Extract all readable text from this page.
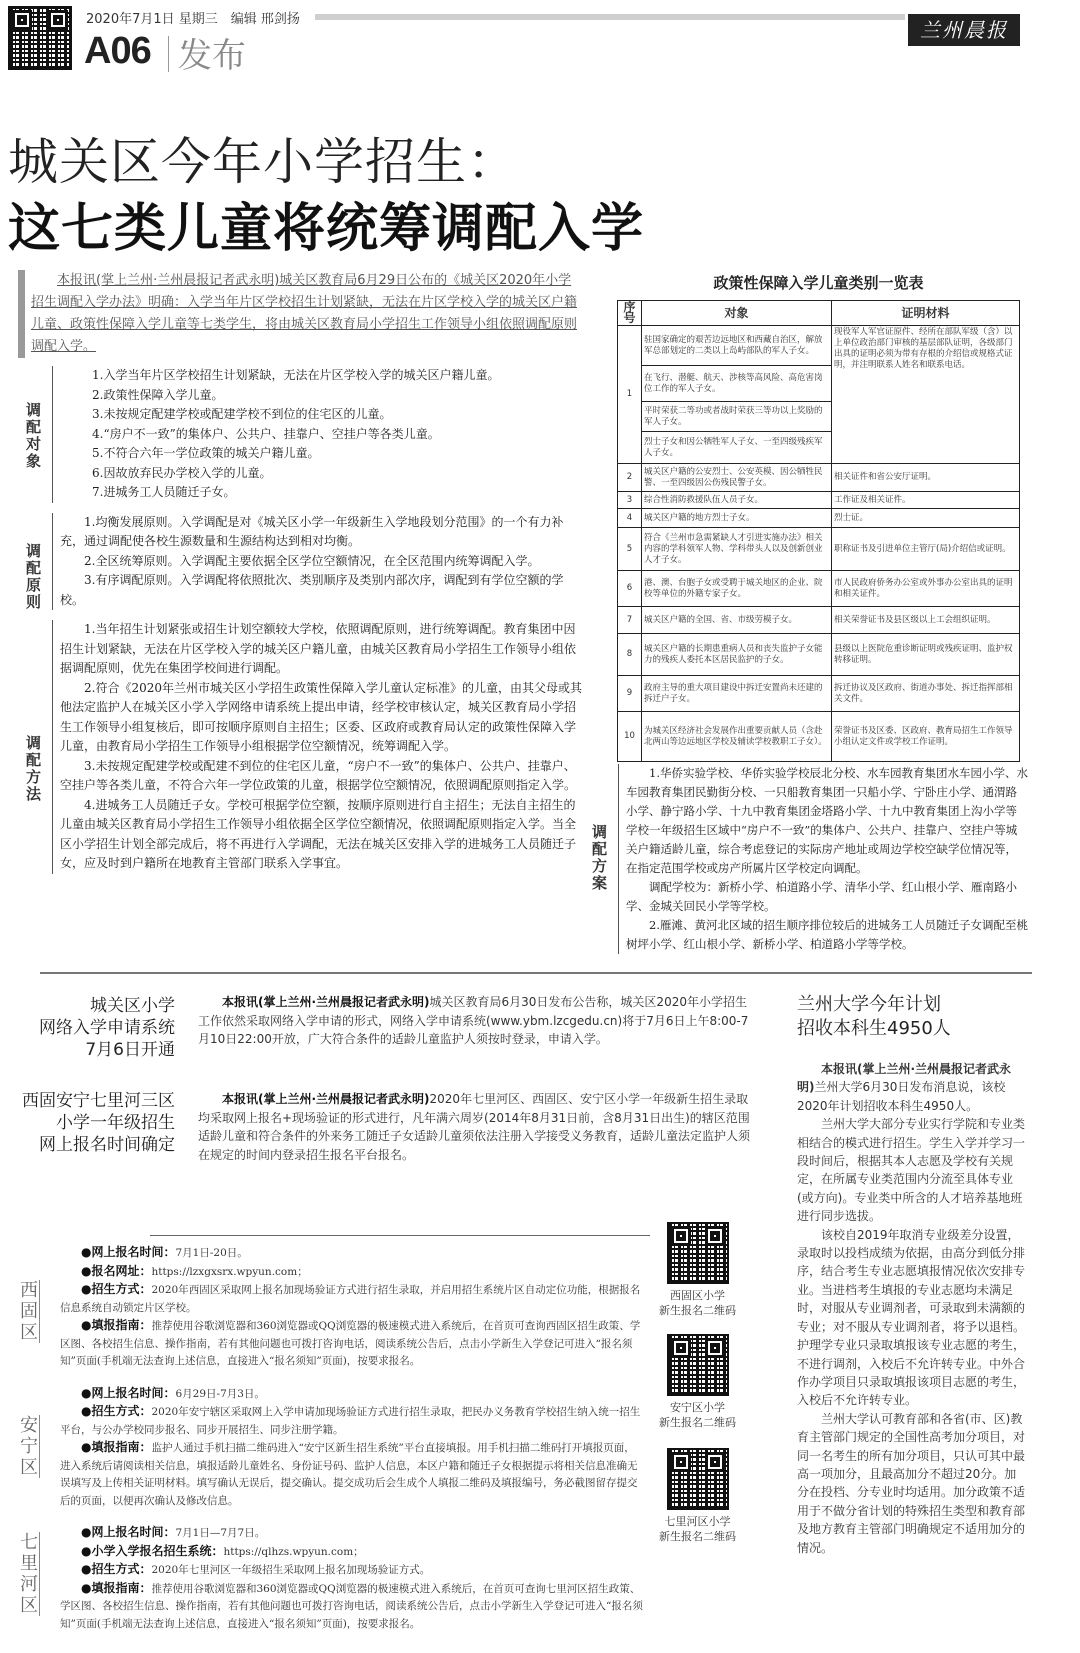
2020年7月1日 星期三　 编辑 邢剑扬
A06 发布
兰州晨报
城关区今年小学招生：
这七类儿童将统筹调配入学
本报讯(掌上兰州·兰州晨报记者武永明)城关区教育局6月29日公布的《城关区2020年小学招生调配入学办法》明确：入学当年片区学校招生计划紧缺，无法在片区学校入学的城关区户籍儿童、政策性保障入学儿童等七类学生，将由城关区教育局小学招生工作领导小组依照调配原则调配入学。
调配对象
1.入学当年片区学校招生计划紧缺，无法在片区学校入学的城关区户籍儿童。
2.政策性保障入学儿童。
3.未按规定配建学校或配建学校不到位的住宅区的儿童。
4.“房户不一致”的集体户、公共户、挂靠户、空挂户等各类儿童。
5.不符合六年一学位政策的城关户籍儿童。
6.因故放弃民办学校入学的儿童。
7.进城务工人员随迁子女。
调配原则

1.均衡发展原则。入学调配是对《城关区小学一年级新生入学地段划分范围》的一个有力补充，通过调配使各校生源数量和生源结构达到相对均衡。

2.全区统筹原则。入学调配主要依据全区学位空额情况，在全区范围内统筹调配入学。

3.有序调配原则。入学调配将依照批次、类别顺序及类别内部次序，调配到有学位空额的学校。

调配方法

1.当年招生计划紧张或招生计划空额较大学校，依照调配原则，进行统筹调配。教育集团中因招生计划紧缺，无法在片区学校入学的城关区户籍儿童，由城关区教育局小学招生工作领导小组依据调配原则，优先在集团学校间进行调配。

2.符合《2020年兰州市城关区小学招生政策性保障入学儿童认定标准》的儿童，由其父母或其他法定监护人在城关区小学入学网络申请系统上提出申请，经学校审核认定，城关区教育局小学招生工作领导小组复核后，即可按顺序原则自主招生；区委、区政府或教育局认定的政策性保障入学儿童，由教育局小学招生工作领导小组根据学位空额情况，统筹调配入学。

3.未按规定配建学校或配建不到位的住宅区儿童，“房户不一致”的集体户、公共户、挂靠户、空挂户等各类儿童，不符合六年一学位政策的儿童，根据学位空额情况，依照调配原则指定入学。

4.进城务工人员随迁子女。学校可根据学位空额，按顺序原则进行自主招生；无法自主招生的儿童由城关区教育局小学招生工作领导小组依据全区学位空额情况，依照调配原则指定入学。当全区小学招生计划全部完成后，将不再进行入学调配，无法在城关区安排入学的进城务工人员随迁子女，应及时到户籍所在地教育主管部门联系入学事宜。

政策性保障入学儿童类别一览表
序号	对象	证明材料
1	驻国家确定的艰苦边远地区和西藏自治区，解放军总部划定的二类以上岛屿部队的军人子女。	现役军人军官证原件、经所在部队军级（含）以上单位政治部门审核的基层部队证明，各级部门出具的证明必须为带有存根的介绍信或规格式证明，并注明联系人姓名和联系电话。
	在飞行、潜艇、航天、涉核等高风险、高危害岗位工作的军人子女。	
	平时荣获二等功或者战时荣获三等功以上奖励的军人子女。	
	烈士子女和因公牺牲军人子女、一至四级残疾军人子女。	
2	城关区户籍的公安烈士、公安英模、因公牺牲民警、一至四级因公伤残民警子女。	相关证件和省公安厅证明。
3	综合性消防救援队伍人员子女。	工作证及相关证件。
4	城关区户籍的地方烈士子女。	烈士证。
5	符合《兰州市急需紧缺人才引进实施办法》相关内容的学科领军人物、学科带头人以及创新创业人才子女。	职称证书及引进单位主管厅(局)介绍信或证明。
6	港、澳、台胞子女或受聘于城关地区的企业、院校等单位的外籍专家子女。	市人民政府侨务办公室或外事办公室出具的证明和相关证件。
7	城关区户籍的全国、省、市级劳模子女。	相关荣誉证书及县区级以上工会组织证明。
8	城关区户籍的长期患重病人员和丧失监护子女能力的残疾人委托本区居民监护的子女。	县级以上医院危重诊断证明或残疾证明、监护权转移证明。
9	政府主导的重大项目建设中拆迁安置尚未还建的拆迁户子女。	拆迁协议及区政府、街道办事处、拆迁指挥部相关文件。
10	为城关区经济社会发展作出重要贡献人员（含赴北两山等边远地区学校及辅读学校教职工子女）。	荣誉证书及区委、区政府、教育局招生工作领导小组认定文件或学校工作证明。
调配方案

1.华侨实验学校、华侨实验学校辰北分校、水车园教育集团水车园小学、水车园教育集团民勤街分校、一只船教育集团一只船小学、宁卧庄小学、通渭路小学、静宁路小学、十九中教育集团金塔路小学、十九中教育集团上沟小学等学校一年级招生区域中“房户不一致”的集体户、公共户、挂靠户、空挂户等城关户籍适龄儿童，综合考虑登记的实际房产地址或周边学校空缺学位情况等，在指定范围学校或房产所属片区学校定向调配。

调配学校为：新桥小学、柏道路小学、清华小学、红山根小学、雁南路小学、金城关回民小学等学校。

2.雁滩、黄河北区域的招生顺序排位较后的进城务工人员随迁子女调配至桃树坪小学、红山根小学、新桥小学、柏道路小学等学校。

城关区小学
网络入学申请系统
7月6日开通
本报讯(掌上兰州·兰州晨报记者武永明)城关区教育局6月30日发布公告称，城关区2020年小学招生工作依然采取网络入学申请的形式，网络入学申请系统(www.ybm.lzcgedu.cn)将于7月6日上午8:00-7月10日22:00开放，广大符合条件的适龄儿童监护人须按时登录，申请入学。
西固安宁七里河三区
小学一年级招生
网上报名时间确定
本报讯(掌上兰州·兰州晨报记者武永明)2020年七里河区、西固区、安宁区小学一年级新生招生录取均采取网上报名+现场验证的形式进行，凡年满六周岁(2014年8月31日前，含8月31日出生)的辖区范围适龄儿童和符合条件的外来务工随迁子女适龄儿童须依法注册入学接受义务教育，适龄儿童法定监护人须在规定的时间内登录招生报名平台报名。
西固区

●网上报名时间：7月1日-20日。

●报名网址：https://lzxgxsrx.wpyun.com；

●招生方式：2020年西固区采取网上报名加现场验证方式进行招生录取，并启用招生系统片区自动定位功能，根据报名信息系统自动锁定片区学校。

●填报指南：推荐使用谷歌浏览器和360浏览器或QQ浏览器的极速模式进入系统后，在首页可查询西固区招生政策、学区图、各校招生信息、操作指南，若有其他问题也可拨打咨询电话，阅读系统公告后，点击小学新生入学登记可进入“报名须知”页面(手机端无法查询上述信息，直接进入“报名须知”页面)，按要求报名。

安宁区

●网上报名时间：6月29日-7月3日。

●招生方式：2020年安宁辖区采取网上入学申请加现场验证方式进行招生录取，把民办义务教育学校招生纳入统一招生平台，与公办学校同步报名、同步开展招生、同步注册学籍。

●填报指南：监护人通过手机扫描二维码进入“安宁区新生招生系统”平台直接填报。用手机扫描二维码打开填报页面，进入系统后请阅读相关信息，填报适龄儿童姓名、身份证号码、监护人信息，本区户籍和随迁子女根据提示将相关信息准确无误填写及上传相关证明材料。填写确认无误后，提交确认。提交成功后会生成个人填报二维码及填报编号，务必截图留存提交后的页面，以便再次确认及修改信息。

七里河区

●网上报名时间：7月1日—7月7日。

●小学入学报名招生系统：https://qlhzs.wpyun.com；

●招生方式：2020年七里河区一年级招生采取网上报名加现场验证方式。

●填报指南：推荐使用谷歌浏览器和360浏览器或QQ浏览器的极速模式进入系统后，在首页可查询七里河区招生政策、学区图、各校招生信息、操作指南，若有其他问题也可拨打咨询电话，阅读系统公告后，点击小学新生入学登记可进入“报名须知”页面(手机端无法查询上述信息，直接进入“报名须知”页面)，按要求报名。

西固区小学
新生报名二维码
安宁区小学
新生报名二维码
七里河区小学
新生报名二维码
兰州大学今年计划
招收本科生4950人

本报讯(掌上兰州·兰州晨报记者武永明)兰州大学6月30日发布消息说，该校2020年计划招收本科生4950人。

兰州大学大部分专业实行学院和专业类相结合的模式进行招生。学生入学并学习一段时间后，根据其本人志愿及学校有关规定，在所属专业类范围内分流至具体专业(或方向)。专业类中所含的人才培养基地班进行同步选拔。

该校自2019年取消专业级差分设置，录取时以投档成绩为依据，由高分到低分排序，结合考生专业志愿填报情况依次安排专业。当进档考生填报的专业志愿均未满足时，对服从专业调剂者，可录取到未满额的专业；对不服从专业调剂者，将予以退档。护理学专业只录取填报该专业志愿的考生，不进行调剂，入校后不允许转专业。中外合作办学项目只录取填报该项目志愿的考生，入校后不允许转专业。

兰州大学认可教育部和各省(市、区)教育主管部门规定的全国性高考加分项目，对同一名考生的所有加分项目，只认可其中最高一项加分，且最高加分不超过20分。加分在投档、分专业时均适用。加分政策不适用于不做分省计划的特殊招生类型和教育部及地方教育主管部门明确规定不适用加分的情况。
